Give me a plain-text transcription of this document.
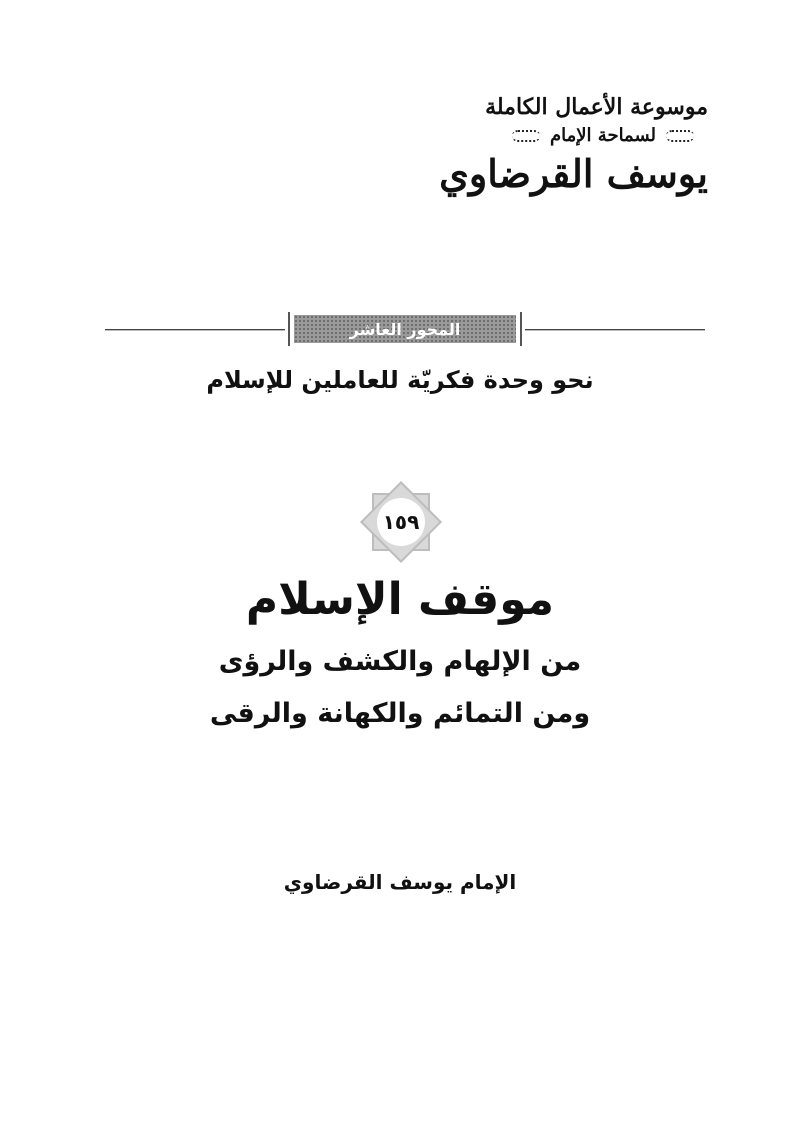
موسوعة الأعمال الكاملة
لسماحة الإمام
يوسف القرضاوي
المحور العاشر
نحو وحدة فكريّة للعاملين للإسلام
١٥٩
موقف الإسلام
من الإلهام والكشف والرؤى
ومن التمائم والكهانة والرقى
الإمام يوسف القرضاوي
